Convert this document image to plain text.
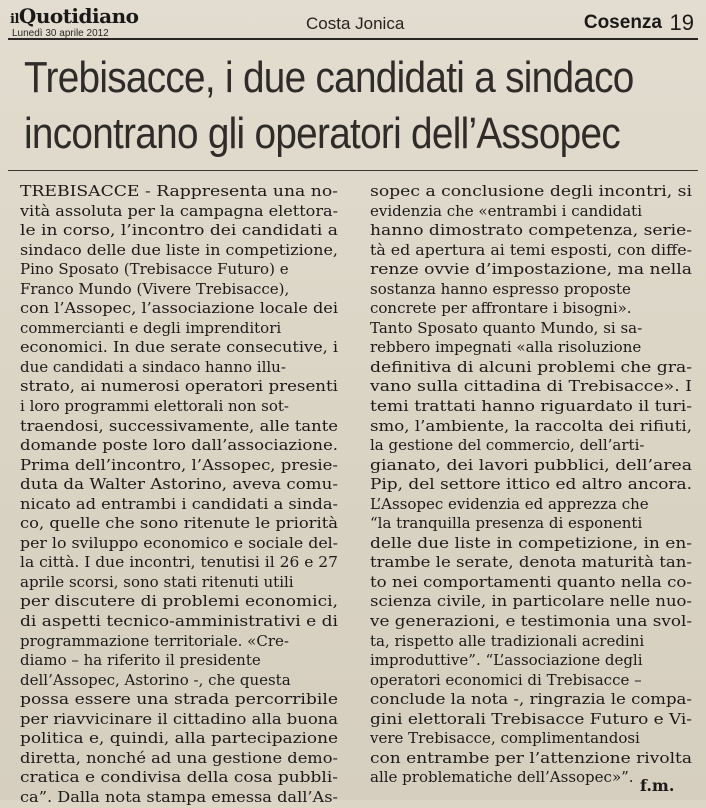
ilQuotidiano
Lunedì 30 aprile 2012
Costa Jonica	Cosenza 19
Trebisacce, i due candidati a sindaco
incontrano gli operatori dell’Assopec
TREBISACCE - Rappresenta una no-
vità assoluta per la campagna elettora-
le in corso, l’incontro dei candidati a
sindaco delle due liste in competizione,
Pino Sposato (Trebisacce Futuro) e
Franco Mundo (Vivere Trebisacce),
con l’Assopec, l’associazione locale dei
commercianti e degli imprenditori
economici. In due serate consecutive, i
due candidati a sindaco hanno illu-
strato, ai numerosi operatori presenti
i loro programmi elettorali non sot-
traendosi, successivamente, alle tante
domande poste loro dall’associazione.
Prima dell’incontro, l’Assopec, presie-
duta da Walter Astorino, aveva comu-
nicato ad entrambi i candidati a sinda-
co, quelle che sono ritenute le priorità
per lo sviluppo economico e sociale del-
la città. I due incontri, tenutisi il 26 e 27
aprile scorsi, sono stati ritenuti utili
per discutere di problemi economici,
di aspetti tecnico-amministrativi e di
programmazione territoriale. «Cre-
diamo – ha riferito il presidente
dell’Assopec, Astorino -, che questa
possa essere una strada percorribile
per riavvicinare il cittadino alla buona
politica e, quindi, alla partecipazione
diretta, nonché ad una gestione demo-
cratica e condivisa della cosa pubbli-
ca”. Dalla nota stampa emessa dall’As-
sopec a conclusione degli incontri, si
evidenzia che «entrambi i candidati
hanno dimostrato competenza, serie-
tà ed apertura ai temi esposti, con diffe-
renze ovvie d’impostazione, ma nella
sostanza hanno espresso proposte
concrete per affrontare i bisogni».
Tanto Sposato quanto Mundo, si sa-
rebbero impegnati «alla risoluzione
definitiva di alcuni problemi che gra-
vano sulla cittadina di Trebisacce». I
temi trattati hanno riguardato il turi-
smo, l’ambiente, la raccolta dei rifiuti,
la gestione del commercio, dell’arti-
gianato, dei lavori pubblici, dell’area
Pip, del settore ittico ed altro ancora.
L’Assopec evidenzia ed apprezza che
“la tranquilla presenza di esponenti
delle due liste in competizione, in en-
trambe le serate, denota maturità tan-
to nei comportamenti quanto nella co-
scienza civile, in particolare nelle nuo-
ve generazioni, e testimonia una svol-
ta, rispetto alle tradizionali acredini
improduttive”. “L’associazione degli
operatori economici di Trebisacce –
conclude la nota -, ringrazia le compa-
gini elettorali Trebisacce Futuro e Vi-
vere Trebisacce, complimentandosi
con entrambe per l’attenzione rivolta
alle problematiche dell’Assopec»”. f.m.
